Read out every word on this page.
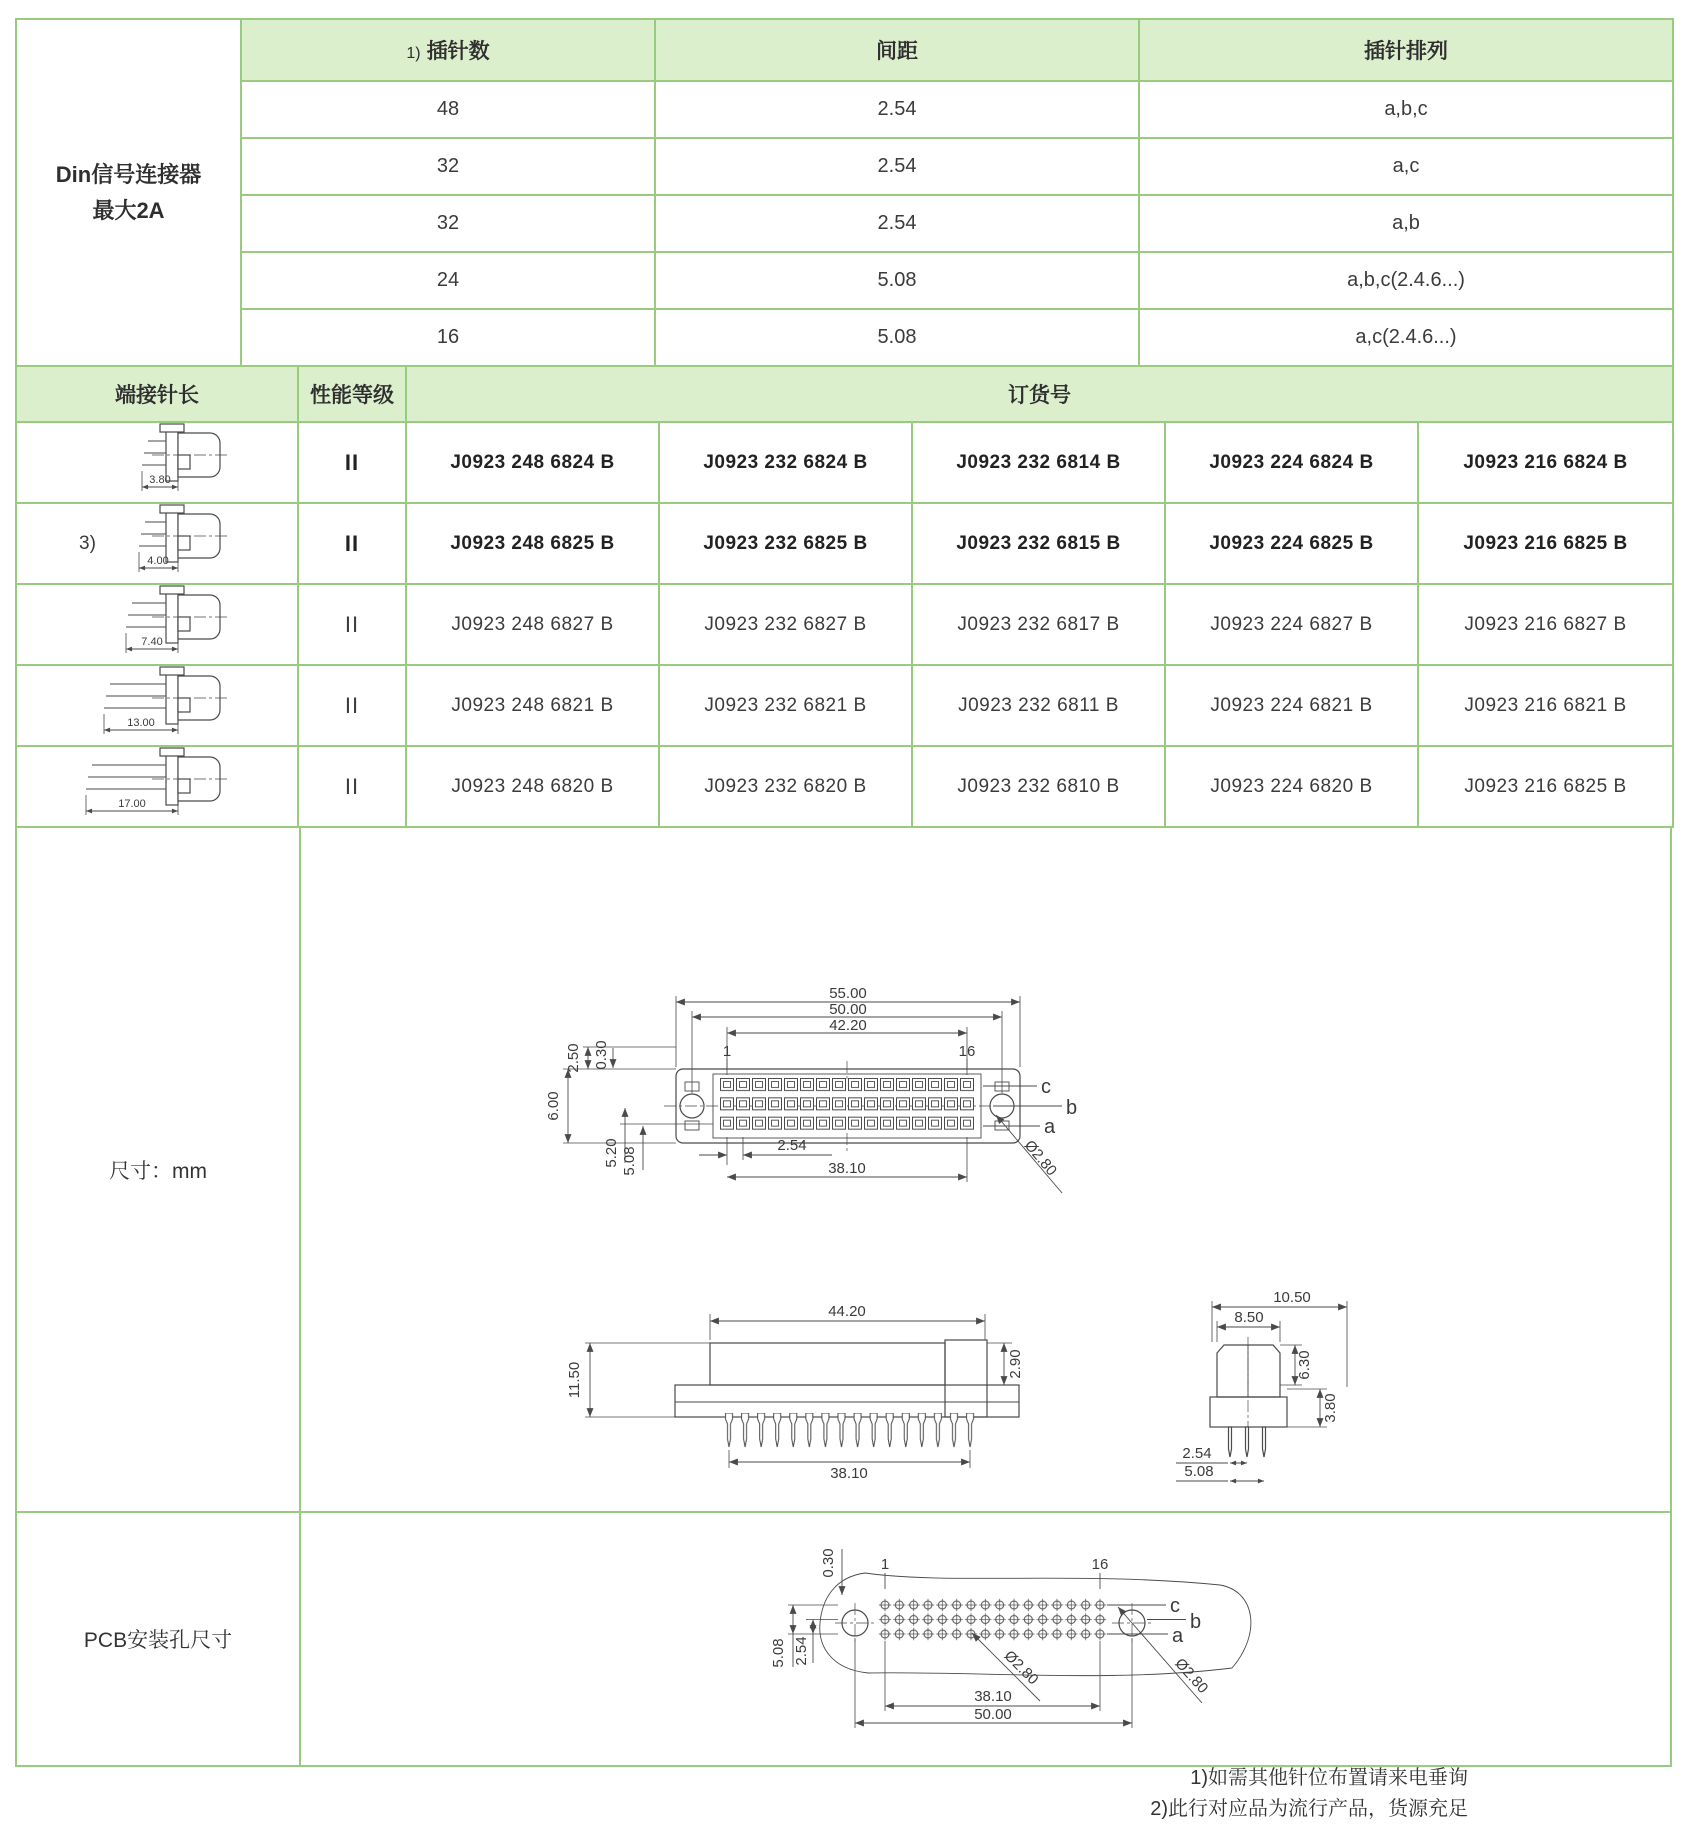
Din信号连接器
最大2A	1) 插针数	间距	插针排列
	48	2.54	a,b,c
	32	2.54	a,c
	32	2.54	a,b
	24	5.08	a,b,c(2.4.6...)
	16	5.08	a,c(2.4.6...)
端接针长	性能等级	订货号				

3.80	II	J0923 248 6824 B	J0923 232 6824 B	J0923 232 6814 B	J0923 224 6824 B	J0923 216 6824 B

3)
4.00	II	J0923 248 6825 B	J0923 232 6825 B	J0923 232 6815 B	J0923 224 6825 B	J0923 216 6825 B

7.40	II	J0923 248 6827 B	J0923 232 6827 B	J0923 232 6817 B	J0923 224 6827 B	J0923 216 6827 B

13.00	II	J0923 248 6821 B	J0923 232 6821 B	J0923 232 6811 B	J0923 224 6821 B	J0923 216 6821 B

17.00	II	J0923 248 6820 B	J0923 232 6820 B	J0923 232 6810 B	J0923 224 6820 B	J0923 216 6825 B
尺寸：mm
55.00
50.00
42.20
1	16
2.50 0.30
6.00
5.20 5.08
2.54
38.10
c
b
a
Ø2.80
44.20
11.50	2.90
38.10
10.50
8.50
6.30
3.80
2.54
5.08
PCB安装孔尺寸
0.30	1	16
c
b
a
Ø2.80	Ø2.80
38.10
50.00
5.08 2.54
1)如需其他针位布置请来电垂询
2)此行对应品为流行产品，货源充足
